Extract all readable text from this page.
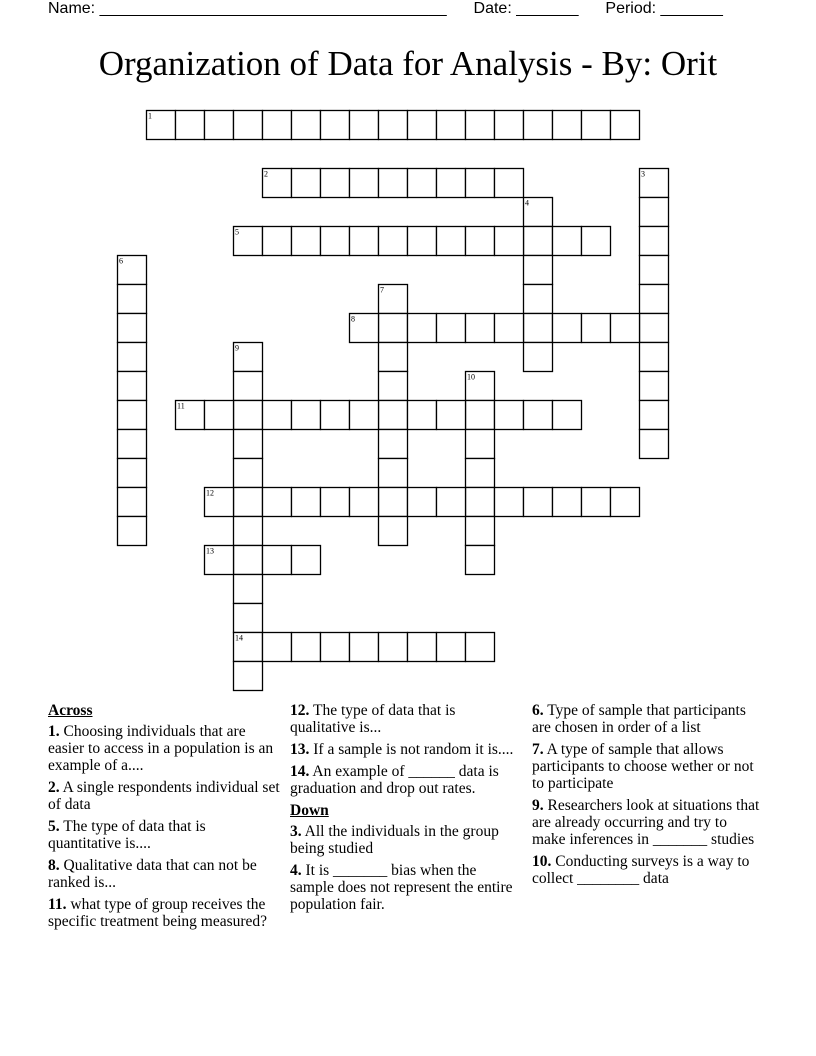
Name: _______________________________________ Date: _______ Period: _______
Organization of Data for Analysis - By: Orit
1
2	3
4
5
6
7
8
9
10
11
12
13
14
Across
1. Choosing individuals that are easier to access in a population is an example of a....
2. A single respondents individual set of data
5. The type of data that is quantitative is....
8. Qualitative data that can not be ranked is...
11. what type of group receives the specific treatment being measured?
12. The type of data that is qualitative is...
13. If a sample is not random it is....
14. An example of ______ data is graduation and drop out rates.
Down
3. All the individuals in the group being studied
4. It is _______ bias when the sample does not represent the entire population fair.
6. Type of sample that participants are chosen in order of a list
7. A type of sample that allows participants to choose wether or not to participate
9. Researchers look at situations that are already occurring and try to make inferences in _______ studies
10. Conducting surveys is a way to collect ________ data
